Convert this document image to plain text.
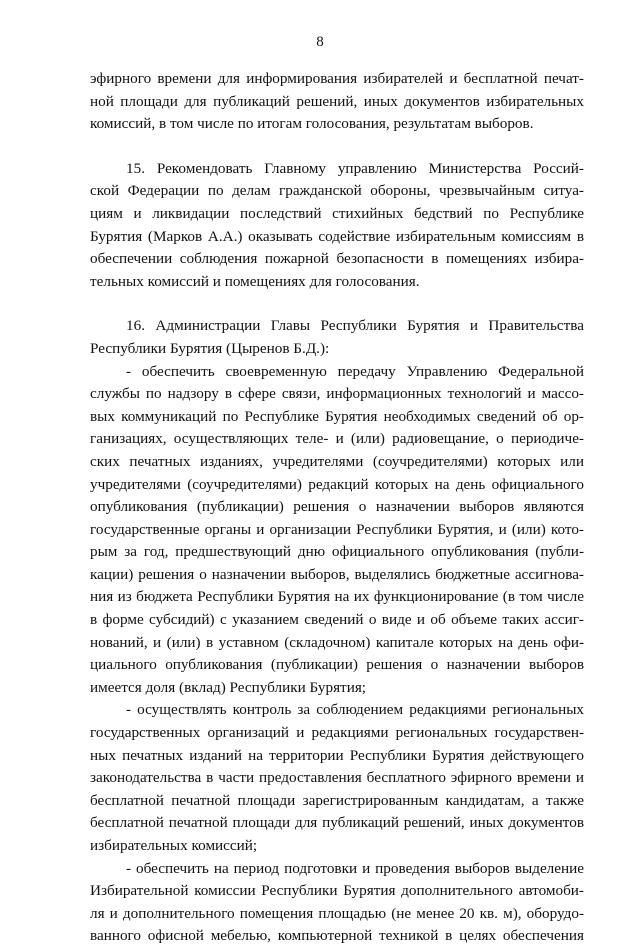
8
эфирного времени для информирования избирателей и бесплатной печат-
ной площади для публикаций решений, иных документов избирательных
комиссий, в том числе по итогам голосования, результатам выборов.
15. Рекомендовать Главному управлению Министерства Россий-
ской Федерации по делам гражданской обороны, чрезвычайным ситуа-
циям и ликвидации последствий стихийных бедствий по Республике
Бурятия (Марков А.А.) оказывать содействие избирательным комиссиям в
обеспечении соблюдения пожарной безопасности в помещениях избира-
тельных комиссий и помещениях для голосования.
16. Администрации Главы Республики Бурятия и Правительства
Республики Бурятия (Цыренов Б.Д.):
- обеспечить своевременную передачу Управлению Федеральной
службы по надзору в сфере связи, информационных технологий и массо-
вых коммуникаций по Республике Бурятия необходимых сведений об ор-
ганизациях, осуществляющих теле- и (или) радиовещание, о периодиче-
ских печатных изданиях, учредителями (соучредителями) которых или
учредителями (соучредителями) редакций которых на день официального
опубликования (публикации) решения о назначении выборов являются
государственные органы и организации Республики Бурятия, и (или) кото-
рым за год, предшествующий дню официального опубликования (публи-
кации) решения о назначении выборов, выделялись бюджетные ассигнова-
ния из бюджета Республики Бурятия на их функционирование (в том числе
в форме субсидий) с указанием сведений о виде и об объеме таких ассиг-
нований, и (или) в уставном (складочном) капитале которых на день офи-
циального опубликования (публикации) решения о назначении выборов
имеется доля (вклад) Республики Бурятия;
- осуществлять контроль за соблюдением редакциями региональных
государственных организаций и редакциями региональных государствен-
ных печатных изданий на территории Республики Бурятия действующего
законодательства в части предоставления бесплатного эфирного времени и
бесплатной печатной площади зарегистрированным кандидатам, а также
бесплатной печатной площади для публикаций решений, иных документов
избирательных комиссий;
- обеспечить на период подготовки и проведения выборов выделение
Избирательной комиссии Республики Бурятия дополнительного автомоби-
ля и дополнительного помещения площадью (не менее 20 кв. м), оборудо-
ванного офисной мебелью, компьютерной техникой в целях обеспечения
